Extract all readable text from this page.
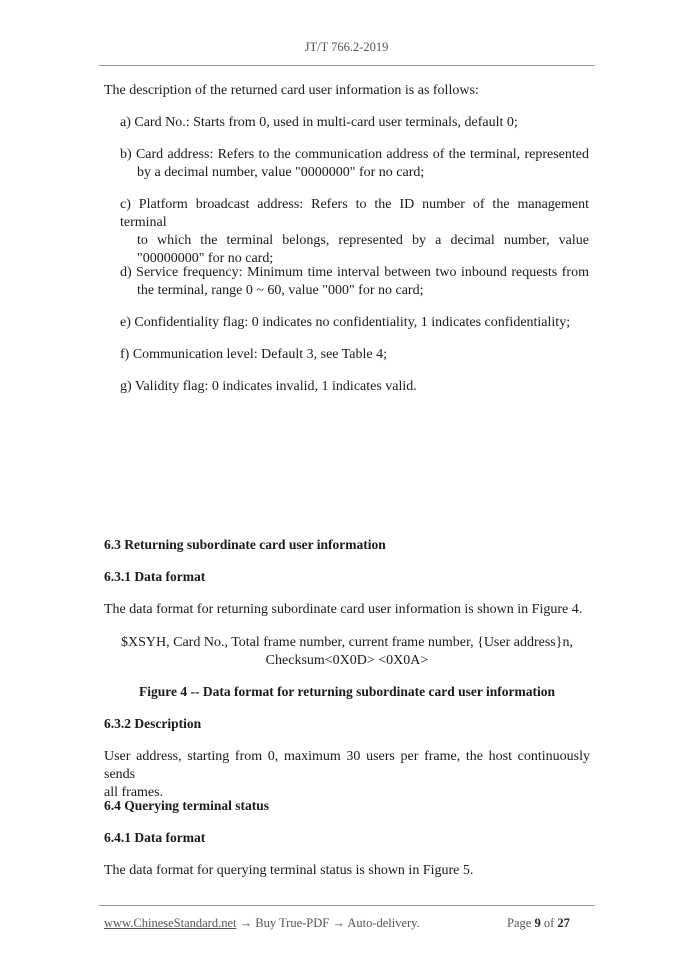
JT/T 766.2-2019

The description of the returned card user information is as follows:

a) Card No.: Starts from 0, used in multi-card user terminals, default 0;

b) Card address: Refers to the communication address of the terminal, represented
by a decimal number, value "0000000" for no card;
c) Platform broadcast address: Refers to the ID number of the management terminal
to which the terminal belongs, represented by a decimal number, value
"00000000" for no card;
d) Service frequency: Minimum time interval between two inbound requests from
the terminal, range 0 ~ 60, value "000" for no card;

e) Confidentiality flag: 0 indicates no confidentiality, 1 indicates confidentiality;

f) Communication level: Default 3, see Table 4;

g) Validity flag: 0 indicates invalid, 1 indicates valid.

6.3 Returning subordinate card user information
6.3.1 Data format

The data format for returning subordinate card user information is shown in Figure 4.

$XSYH, Card No., Total frame number, current frame number, {User address}n,
Checksum<0X0D> <0X0A>
Figure 4 -- Data format for returning subordinate card user information
6.3.2 Description
User address, starting from 0, maximum 30 users per frame, the host continuously sends
all frames.
6.4 Querying terminal status
6.4.1 Data format

The data format for querying terminal status is shown in Figure 5.

www.ChineseStandard.net → Buy True-PDF → Auto-delivery.	Page 9 of 27
